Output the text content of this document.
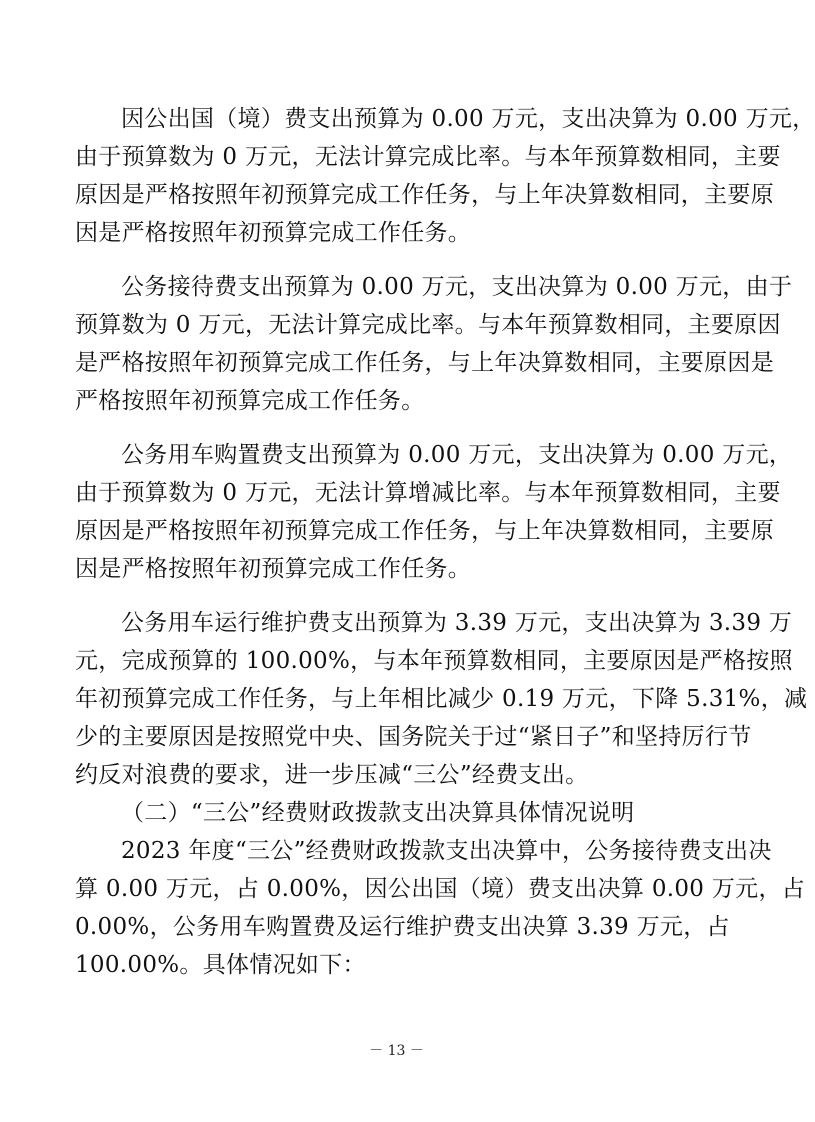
因公出国（境）费支出预算为 0.00 万元，支出决算为 0.00 万元，
由于预算数为 0 万元，无法计算完成比率。与本年预算数相同，主要
原因是严格按照年初预算完成工作任务，与上年决算数相同，主要原
因是严格按照年初预算完成工作任务。
公务接待费支出预算为 0.00 万元，支出决算为 0.00 万元，由于
预算数为 0 万元，无法计算完成比率。与本年预算数相同，主要原因
是严格按照年初预算完成工作任务，与上年决算数相同，主要原因是
严格按照年初预算完成工作任务。
公务用车购置费支出预算为 0.00 万元，支出决算为 0.00 万元，
由于预算数为 0 万元，无法计算增减比率。与本年预算数相同，主要
原因是严格按照年初预算完成工作任务，与上年决算数相同，主要原
因是严格按照年初预算完成工作任务。
公务用车运行维护费支出预算为 3.39 万元，支出决算为 3.39 万
元，完成预算的 100.00%，与本年预算数相同，主要原因是严格按照
年初预算完成工作任务，与上年相比减少 0.19 万元，下降 5.31%，减
少的主要原因是按照党中央、国务院关于过“紧日子”和坚持厉行节
约反对浪费的要求，进一步压减“三公”经费支出。
（二）“三公”经费财政拨款支出决算具体情况说明
2023 年度“三公”经费财政拨款支出决算中，公务接待费支出决
算 0.00 万元，占 0.00%，因公出国（境）费支出决算 0.00 万元，占
0.00%，公务用车购置费及运行维护费支出决算 3.39 万元，占
100.00%。具体情况如下：
－ 13 －
